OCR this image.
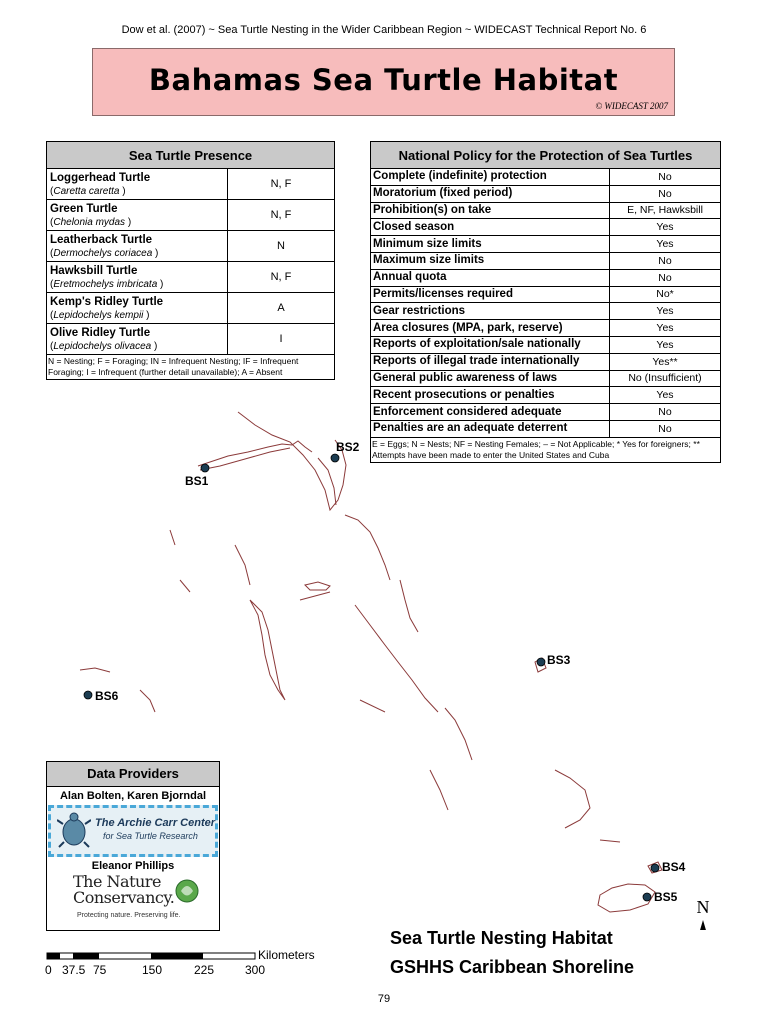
Dow et al. (2007) ~ Sea Turtle Nesting in the Wider Caribbean Region ~ WIDECAST Technical Report No. 6
Bahamas Sea Turtle Habitat
© WIDECAST 2007
Sea Turtle Presence	

Loggerhead Turtle
(Caretta caretta )	N, F

Green Turtle
(Chelonia mydas )	N, F

Leatherback Turtle
(Dermochelys coriacea )	N

Hawksbill Turtle
(Eretmochelys imbricata )	N, F

Kemp's Ridley Turtle
(Lepidochelys kempii )	A

Olive Ridley Turtle
(Lepidochelys olivacea )	I
N = Nesting; F = Foraging; IN = Infrequent Nesting; IF = Infrequent Foraging; I = Infrequent (further detail unavailable); A = Absent	
National Policy for the Protection of Sea Turtles	
Complete (indefinite) protection	No
Moratorium (fixed period)	No
Prohibition(s) on take	E, NF, Hawksbill
Closed season	Yes
Minimum size limits	Yes
Maximum size limits	No
Annual quota	No
Permits/licenses required	No*
Gear restrictions	Yes
Area closures (MPA, park, reserve)	Yes
Reports of exploitation/sale nationally	Yes
Reports of illegal trade internationally	Yes**
General public awareness of laws	No (Insufficient)
Recent prosecutions or penalties	Yes
Enforcement considered adequate	No
Penalties are an adequate deterrent	No
E = Eggs; N = Nests; NF = Nesting Females; – = Not Applicable; * Yes for foreigners; ** Attempts have been made to enter the United States and Cuba	
N
BS1
BS2
BS3
BS4
BS5
BS6
Data Providers
Alan Bolten, Karen Bjorndal
The Archie Carr Center
for Sea Turtle Research
Eleanor Phillips
The Nature
Conservancy.
Protecting nature. Preserving life.
Kilometers
0 37.5 75	150	225	300
Sea Turtle Nesting Habitat
GSHHS Caribbean Shoreline
79
